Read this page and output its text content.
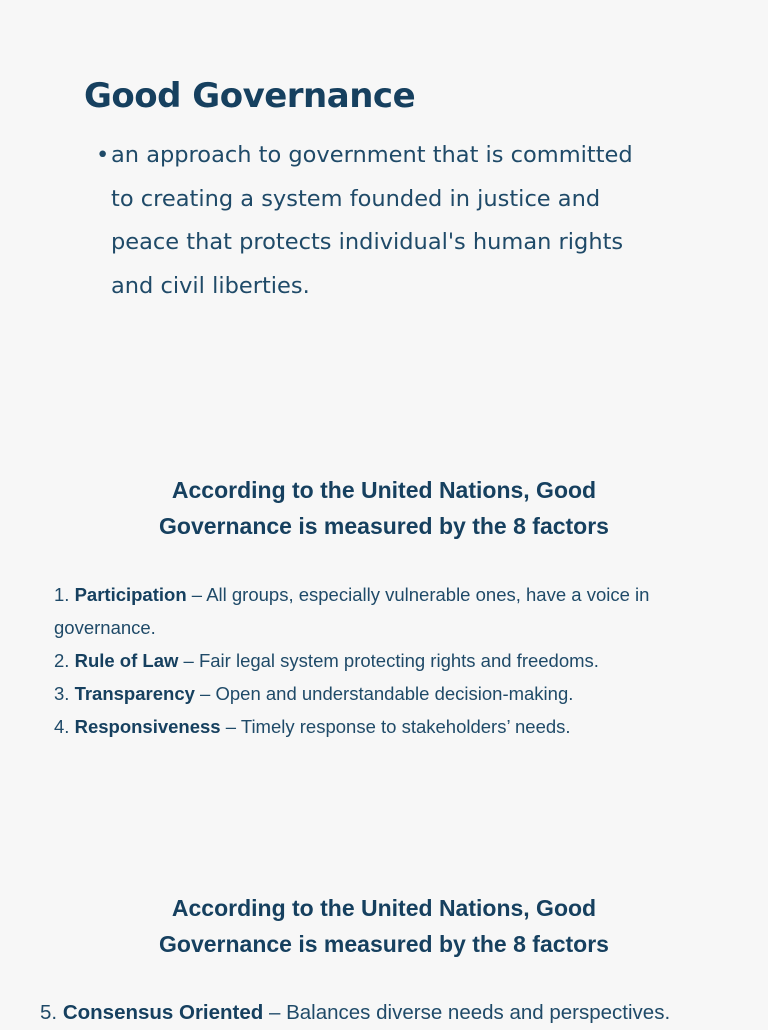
Good Governance
• an approach to government that is committed to creating a system founded in justice and peace that protects individual's human rights and civil liberties.
According to the United Nations, Good
Governance is measured by the 8 factors

1. Participation – All groups, especially vulnerable ones, have a voice in governance.

2. Rule of Law – Fair legal system protecting rights and freedoms.

3. Transparency – Open and understandable decision-making.

4. Responsiveness – Timely response to stakeholders’ needs.

According to the United Nations, Good
Governance is measured by the 8 factors
5. Consensus Oriented – Balances diverse needs and perspectives.
